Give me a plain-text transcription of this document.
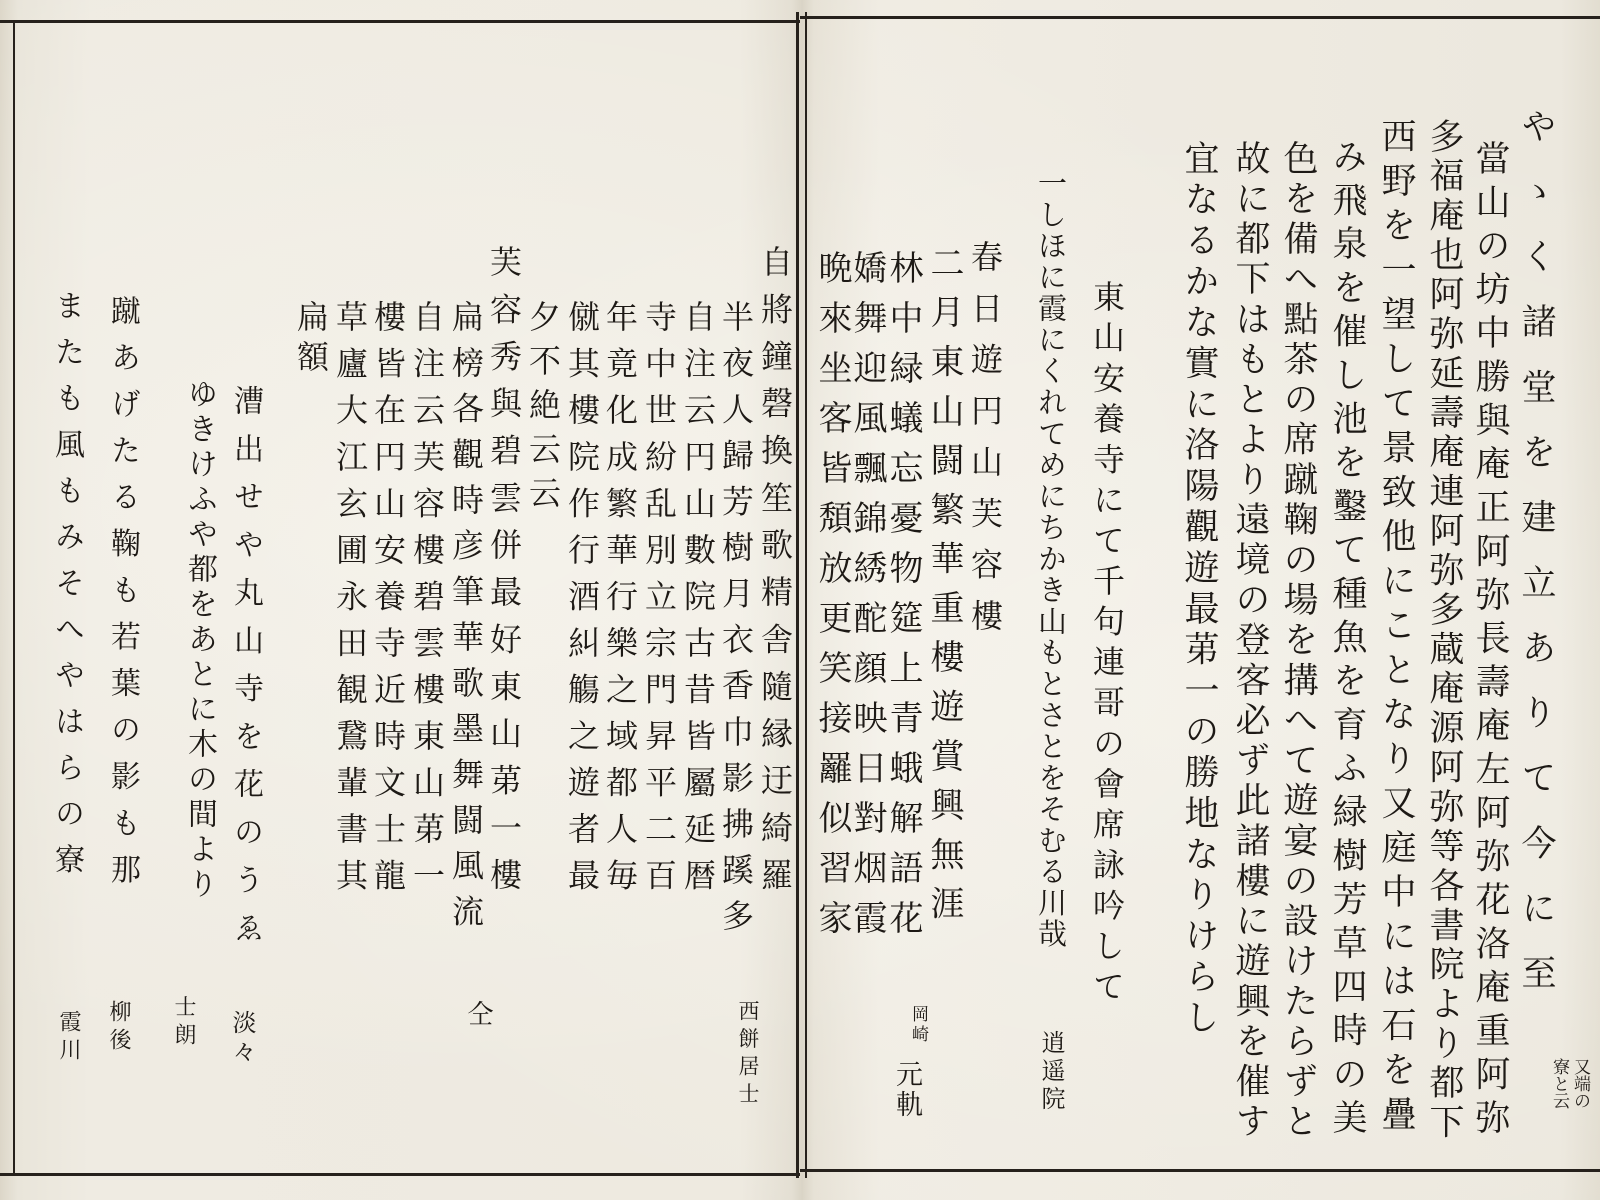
やゝく諸堂を建立ありて今に至
又端の寮と云
當山の坊中勝與庵正阿弥長壽庵左阿弥花洛庵重阿弥
多福庵也阿弥延壽庵連阿弥多蔵庵源阿弥等各書院より都下
西野を一望して景致他にことなり又庭中には石を疊
み飛泉を催し池を鑿て種魚を育ふ緑樹芳草四時の美
色を備へ點茶の席蹴鞠の場を搆へて遊宴の設けたらずと
故に都下はもとより遠境の登客必ず此諸樓に遊興を催す
宜なるかな實に洛陽觀遊最苐一の勝地なりけらし
東山安養寺にて千句連哥の會席詠吟して
一しほに霞にくれてめにちかき山もとさとをそむる川哉
逍遥院
春日遊円山芙容樓
二月東山闘繁華重樓遊賞興無涯
林中緑蟻忘憂物筵上青蛾解語花
嬌舞迎風飄錦綉酡顔映日對烟霞
晩來坐客皆頽放更笑接䍦似習家
岡崎
元軌
自將鐘磬換笙歌精舎隨縁迂綺羅
半夜人歸芳樹月衣香巾影拂蹊多
西餅居士
自注云円山數院古昔皆屬延暦
寺中世紛乱別立宗門昇平二百
年竟化成繁華行樂之域都人毎
僦其樓院作行酒糾觴之遊者最
夕不絶云云
芙容秀與碧雲併最好東山苐一樓
扁榜各觀時彦筆華歌墨舞闘風流
仝
自注云芙容樓碧雲樓東山苐一
樓皆在円山安養寺近時文士龍
草廬大江玄圃永田観鵞輩書其
扁額
漕出せや丸山寺を花のうゑ
ゆきけふや都をあとに木の間より
蹴あげたる鞠も若葉の影も那
またも風もみそへやはらの寮
淡々
士朗
柳後
霞川
